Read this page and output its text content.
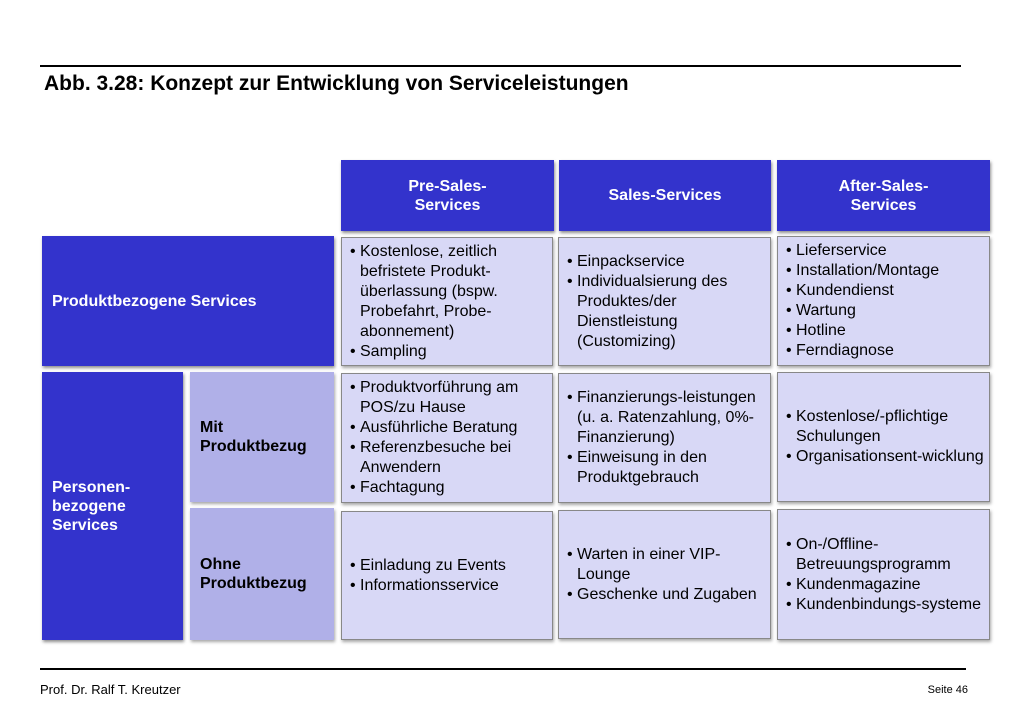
Abb. 3.28: Konzept zur Entwicklung von Serviceleistungen
Pre-Sales-
Services
Sales-Services
After-Sales-
Services
Produktbezogene Services
Personen-
bezogene
Services
Mit
Produktbezug
Ohne
Produktbezug
• Kostenlose, zeitlich befristete Produkt-überlassung (bspw. Probefahrt, Probe-abonnement)
• Sampling
• Einpackservice
• Individualsierung des Produktes/der Dienstleistung (Customizing)
• Lieferservice
• Installation/Montage
• Kundendienst
• Wartung
• Hotline
• Ferndiagnose
• Produktvorführung am POS/zu Hause
• Ausführliche Beratung
• Referenzbesuche bei Anwendern
• Fachtagung
• Finanzierungs-leistungen (u. a. Ratenzahlung, 0%-Finanzierung)
• Einweisung in den Produktgebrauch
• Kostenlose/-pflichtige Schulungen
• Organisationsent-wicklung
• Einladung zu Events
• Informationsservice
• Warten in einer VIP-Lounge
• Geschenke und Zugaben
• On-/Offline-Betreuungsprogramm
• Kundenmagazine
• Kundenbindungs-systeme
Prof. Dr. Ralf T. Kreutzer	Seite 46
